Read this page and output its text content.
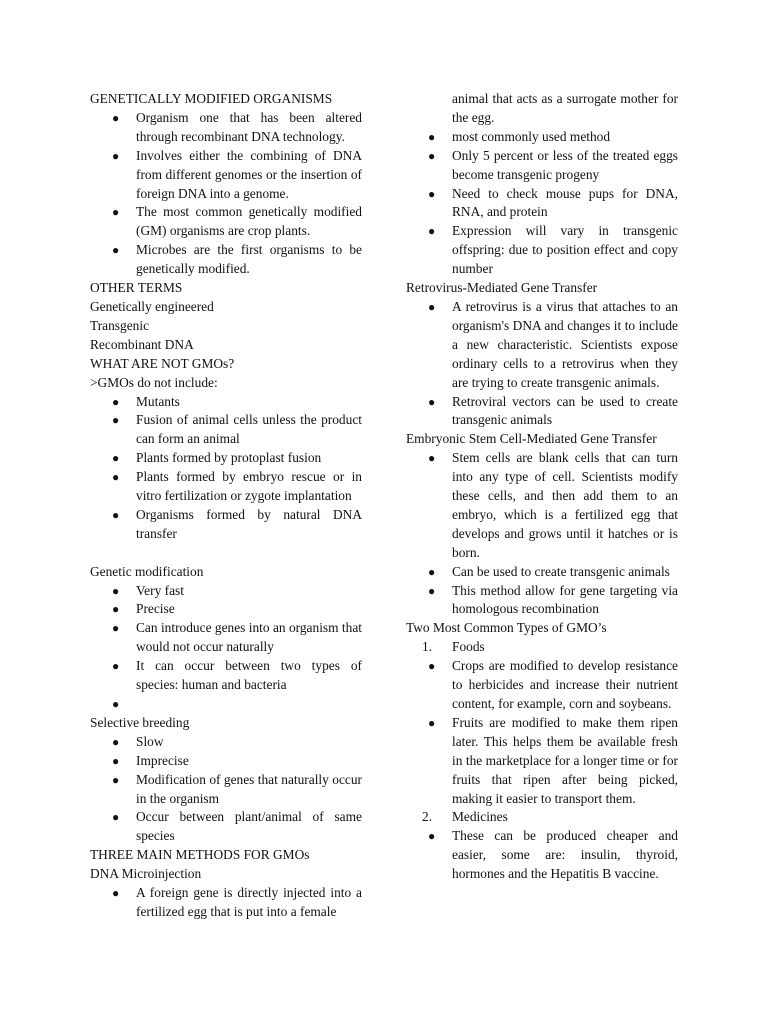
GENETICALLY MODIFIED ORGANISMS
●	Organism one that has been altered through recombinant DNA technology.
●	Involves either the combining of DNA from different genomes or the insertion of foreign DNA into a genome.
●	The most common genetically modified (GM) organisms are crop plants.
●	Microbes are the first organisms to be genetically modified.
OTHER TERMS
Genetically engineered
Transgenic
Recombinant DNA
WHAT ARE NOT GMOs?
>GMOs do not include:
●	Mutants
●	Fusion of animal cells unless the product can form an animal
●	Plants formed by protoplast fusion
●	Plants formed by embryo rescue or in vitro fertilization or zygote implantation
●	Organisms formed by natural DNA transfer
Genetic modification
●	Very fast
●	Precise
●	Can introduce genes into an organism that would not occur naturally
●	It can occur between two types of species: human and bacteria
●
Selective breeding
●	Slow
●	Imprecise
●	Modification of genes that naturally occur in the organism
●	Occur between plant/animal of same species
THREE MAIN METHODS FOR GMOs
DNA Microinjection
●	A foreign gene is directly injected into a fertilized egg that is put into a female
animal that acts as a surrogate mother for the egg.
●	most commonly used method
●	Only 5 percent or less of the treated eggs become transgenic progeny
●	Need to check mouse pups for DNA, RNA, and protein
●	Expression will vary in transgenic offspring: due to position effect and copy number
Retrovirus-Mediated Gene Transfer
●	A retrovirus is a virus that attaches to an organism's DNA and changes it to include a new characteristic. Scientists expose ordinary cells to a retrovirus when they are trying to create transgenic animals.
●	Retroviral vectors can be used to create transgenic animals
Embryonic Stem Cell-Mediated Gene Transfer
●	Stem cells are blank cells that can turn into any type of cell. Scientists modify these cells, and then add them to an embryo, which is a fertilized egg that develops and grows until it hatches or is born.
●	Can be used to create transgenic animals
●	This method allow for gene targeting via homologous recombination
Two Most Common Types of GMO’s
1.	Foods
●	Crops are modified to develop resistance to herbicides and increase their nutrient content, for example, corn and soybeans.
●	Fruits are modified to make them ripen later. This helps them be available fresh in the marketplace for a longer time or for fruits that ripen after being picked, making it easier to transport them.
2.	Medicines
●	These can be produced cheaper and easier, some are: insulin, thyroid, hormones and the Hepatitis B vaccine.
